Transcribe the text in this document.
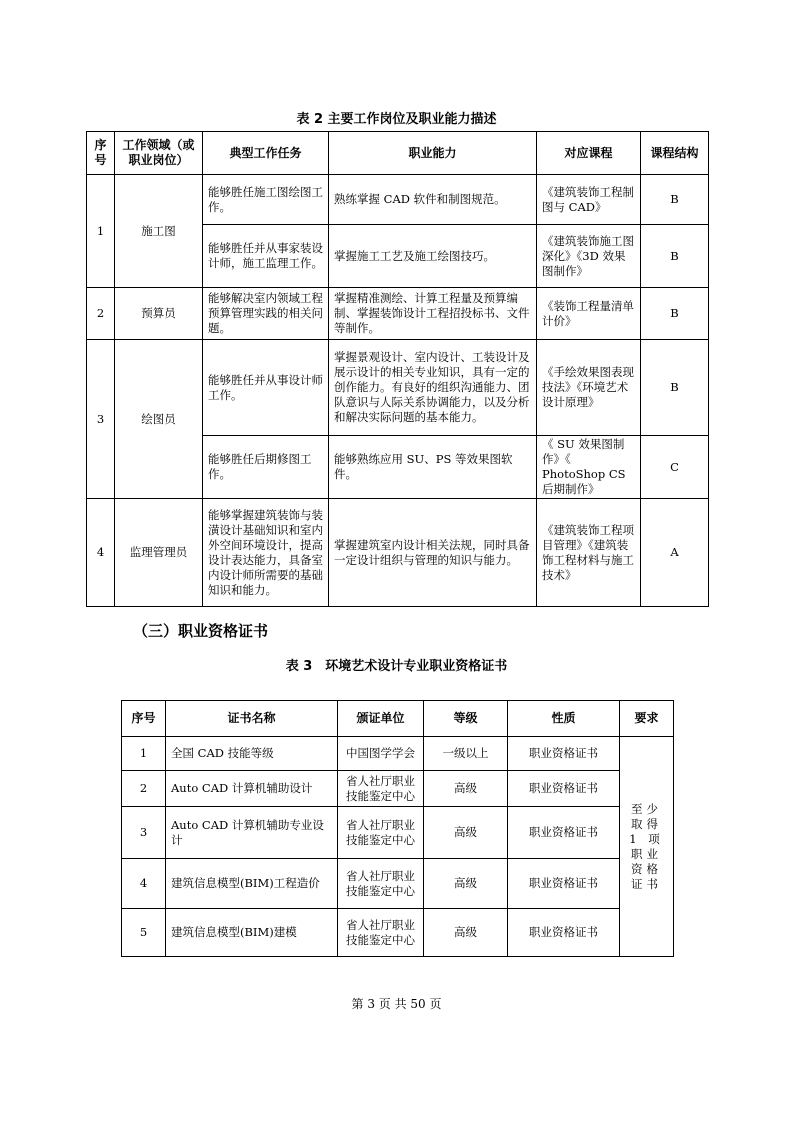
表 2 主要工作岗位及职业能力描述
序号	工作领域（或职业岗位）	典型工作任务	职业能力	对应课程	课程结构
1	施工图	能够胜任施工图绘图工作。	熟练掌握 CAD 软件和制图规范。	《建筑装饰工程制图与 CAD》	B
		能够胜任并从事家装设计师，施工监理工作。	掌握施工工艺及施工绘图技巧。	《建筑装饰施工图深化》《3D 效果图制作》	B
2	预算员	能够解决室内领域工程预算管理实践的相关问题。	掌握精准测绘、计算工程量及预算编制、掌握装饰设计工程招投标书、文件等制作。	《装饰工程量清单计价》	B
3	绘图员	能够胜任并从事设计师工作。	掌握景观设计、室内设计、工装设计及展示设计的相关专业知识，具有一定的创作能力。有良好的组织沟通能力、团队意识与人际关系协调能力，以及分析和解决实际问题的基本能力。	《手绘效果图表现技法》《环境艺术设计原理》	B
		能够胜任后期修图工作。	能够熟练应用 SU、PS 等效果图软件。	《 SU 效果图制作》《 PhotoShop CS 后期制作》	C
4	监理管理员	能够掌握建筑装饰与装潢设计基础知识和室内外空间环境设计，提高设计表达能力，具备室内设计师所需要的基础知识和能力。	掌握建筑室内设计相关法规，同时具备一定设计组织与管理的知识与能力。	《建筑装饰工程项目管理》《建筑装饰工程材料与施工技术》	A
（三）职业资格证书
表 3　环境艺术设计专业职业资格证书
序号	证书名称	颁证单位	等级	性质	要求
1	全国 CAD 技能等级	中国图学学会	一级以上	职业资格证书	至少取得 1 项职业资格证书
2	Auto CAD 计算机辅助设计	省人社厅职业技能鉴定中心	高级	职业资格证书	
3	Auto CAD 计算机辅助专业设计	省人社厅职业技能鉴定中心	高级	职业资格证书	
4	建筑信息模型(BIM)工程造价	省人社厅职业技能鉴定中心	高级	职业资格证书	
5	建筑信息模型(BIM)建模	省人社厅职业技能鉴定中心	高级	职业资格证书	
第 3 页 共 50 页
